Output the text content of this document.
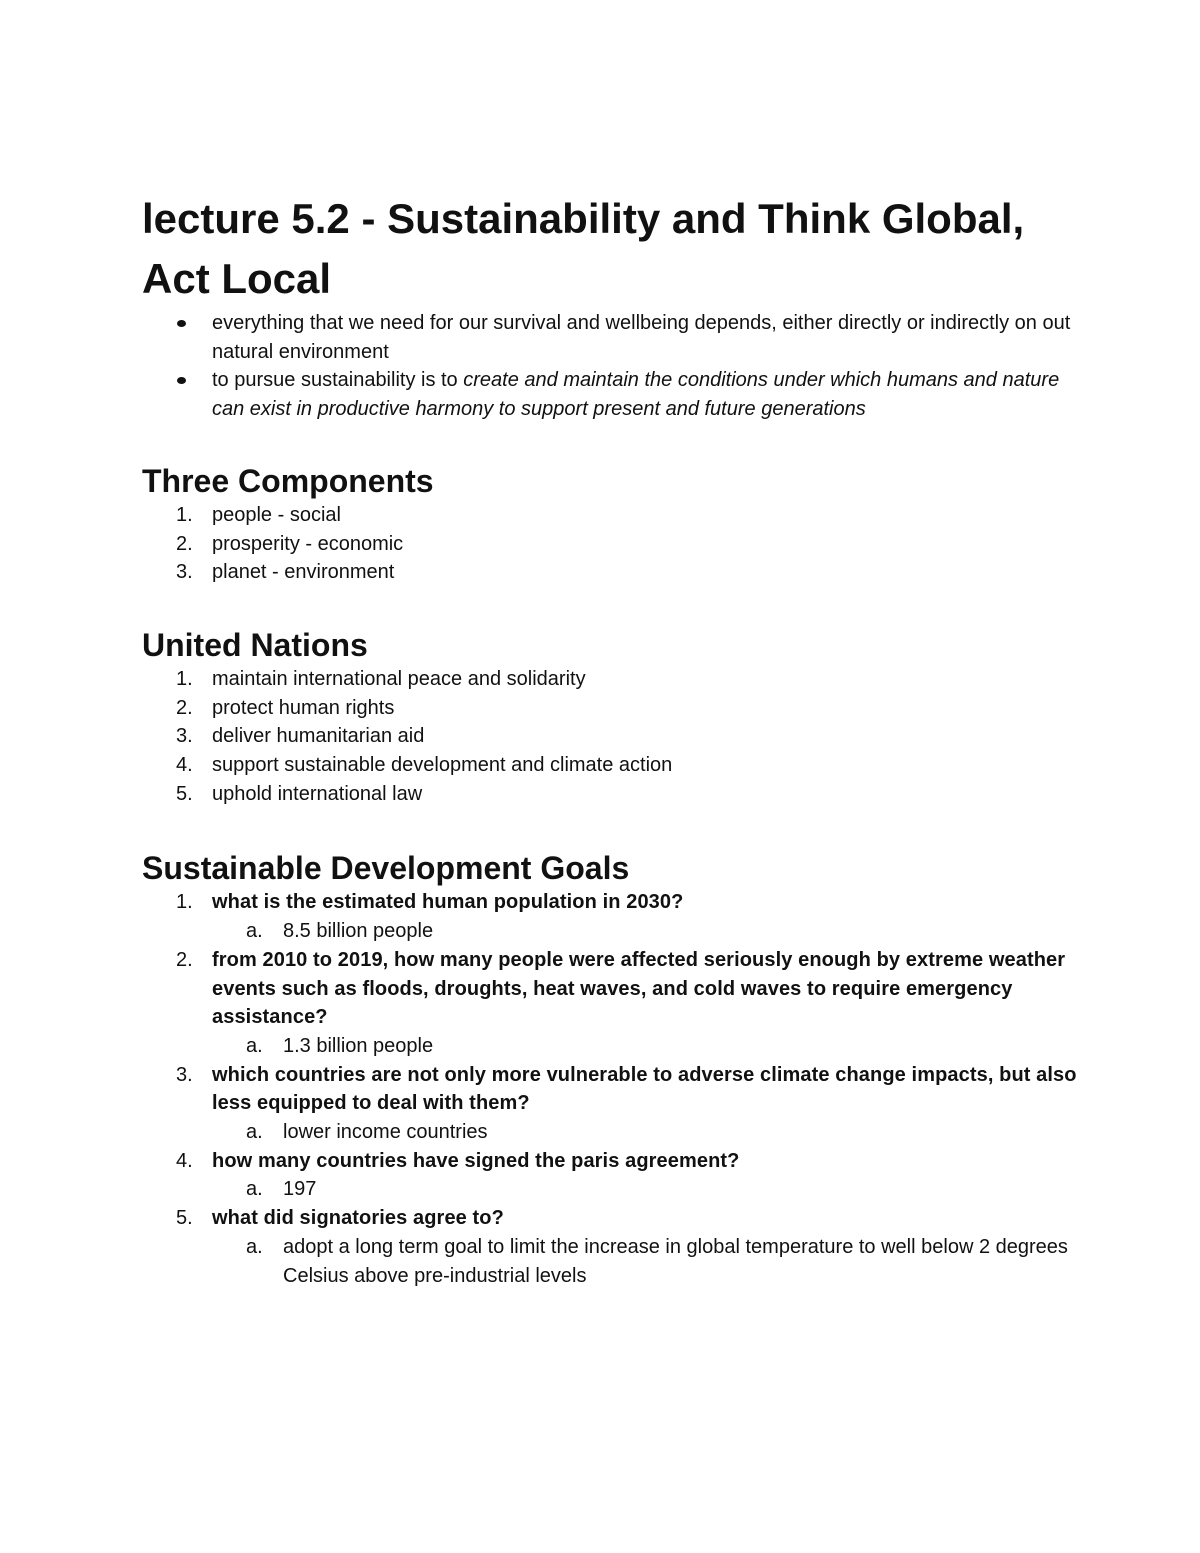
lecture 5.2 - Sustainability and Think Global, Act Local
everything that we need for our survival and wellbeing depends, either directly or indirectly on out natural environment
to pursue sustainability is to create and maintain the conditions under which humans and nature can exist in productive harmony to support present and future generations
Three Components
1. people - social
2. prosperity - economic
3. planet - environment
United Nations
1. maintain international peace and solidarity
2. protect human rights
3. deliver humanitarian aid
4. support sustainable development and climate action
5. uphold international law
Sustainable Development Goals
1. what is the estimated human population in 2030?
a. 8.5 billion people
2. from 2010 to 2019, how many people were affected seriously enough by extreme weather events such as floods, droughts, heat waves, and cold waves to require emergency assistance?
a. 1.3 billion people
3. which countries are not only more vulnerable to adverse climate change impacts, but also less equipped to deal with them?
a. lower income countries
4. how many countries have signed the paris agreement?
a. 197
5. what did signatories agree to?
a. adopt a long term goal to limit the increase in global temperature to well below 2 degrees Celsius above pre-industrial levels
